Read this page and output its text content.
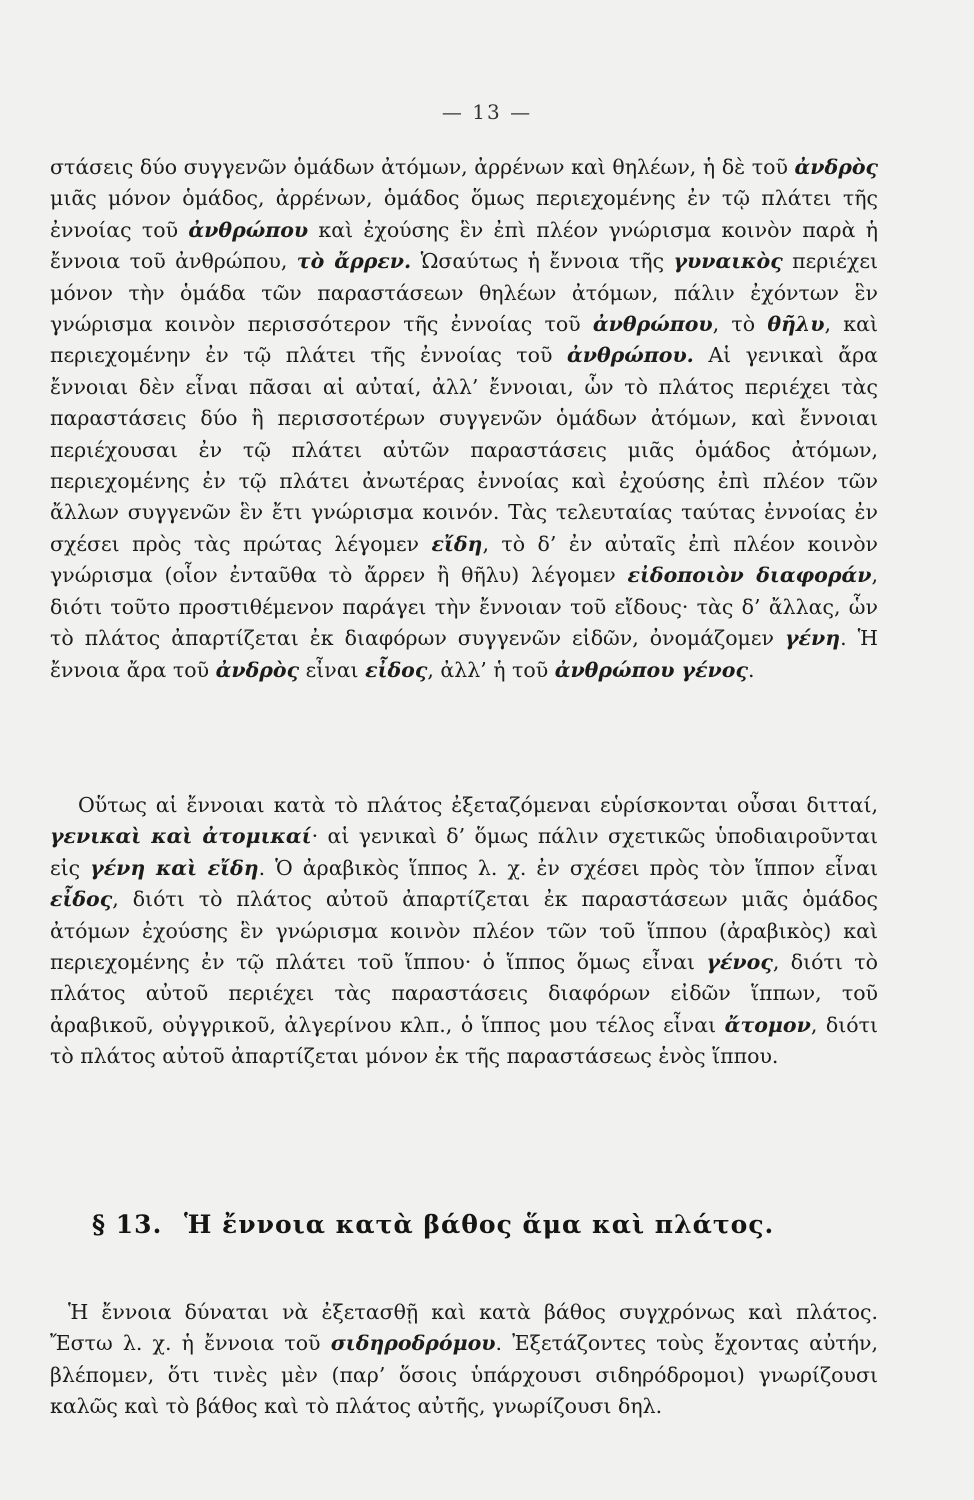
— 13 —

στάσεις δύο συγγενῶν ὁμάδων ἀτόμων, ἀρρένων καὶ θηλέων, ἡ δὲ τοῦ ἀνδρὸς μιᾶς μόνον ὁμάδος, ἀρρένων, ὁμάδος ὅμως περιεχομένης ἐν τῷ πλάτει τῆς ἐννοίας τοῦ ἀνθρώπου καὶ ἐχούσης ἓν ἐπὶ πλέον γνώρισμα κοινὸν παρὰ ἡ ἔννοια τοῦ ἀνθρώπου, τὸ ἄρρεν. Ὡσαύτως ἡ ἔννοια τῆς γυναικὸς περιέχει μόνον τὴν ὁμάδα τῶν παραστάσεων θηλέων ἀτόμων, πάλιν ἐχόντων ἓν γνώρισμα κοινὸν περισσότερον τῆς ἐννοίας τοῦ ἀνθρώπου, τὸ θῆλυ, καὶ περιεχομένην ἐν τῷ πλάτει τῆς ἐννοίας τοῦ ἀνθρώπου. Αἱ γενικαὶ ἄρα ἔννοιαι δὲν εἶναι πᾶσαι αἱ αὐταί, ἀλλ’ ἔννοιαι, ὧν τὸ πλάτος περιέχει τὰς παραστάσεις δύο ἢ περισσοτέρων συγγενῶν ὁμάδων ἀτόμων, καὶ ἔννοιαι περιέχουσαι ἐν τῷ πλάτει αὐτῶν παραστάσεις μιᾶς ὁμάδος ἀτόμων, περιεχομένης ἐν τῷ πλάτει ἀνωτέρας ἐννοίας καὶ ἐχούσης ἐπὶ πλέον τῶν ἄλλων συγγενῶν ἓν ἔτι γνώρισμα κοινόν. Τὰς τελευταίας ταύτας ἐννοίας ἐν σχέσει πρὸς τὰς πρώτας λέγομεν εἴδη, τὸ δ’ ἐν αὐταῖς ἐπὶ πλέον κοινὸν γνώρισμα (οἷον ἐνταῦθα τὸ ἄρρεν ἢ θῆλυ) λέγομεν εἰδοποιὸν διαφοράν, διότι τοῦτο προστιθέμενον παράγει τὴν ἔννοιαν τοῦ εἴδους· τὰς δ’ ἄλλας, ὧν τὸ πλάτος ἀπαρτίζεται ἐκ διαφόρων συγγενῶν εἰδῶν, ὀνομάζομεν γένη. Ἡ ἔννοια ἄρα τοῦ ἀνδρὸς εἶναι εἶδος, ἀλλ’ ἡ τοῦ ἀνθρώπου γένος.

Οὕτως αἱ ἔννοιαι κατὰ τὸ πλάτος ἐξεταζόμεναι εὑρίσκονται οὖσαι διτταί, γενικαὶ καὶ ἀτομικαί· αἱ γενικαὶ δ’ ὅμως πάλιν σχετικῶς ὑποδιαιροῦνται εἰς γένη καὶ εἴδη. Ὁ ἀραβικὸς ἵππος λ. χ. ἐν σχέσει πρὸς τὸν ἵππον εἶναι εἶδος, διότι τὸ πλάτος αὐτοῦ ἀπαρτίζεται ἐκ παραστάσεων μιᾶς ὁμάδος ἀτόμων ἐχούσης ἓν γνώρισμα κοινὸν πλέον τῶν τοῦ ἵππου (ἀραβικὸς) καὶ περιεχομένης ἐν τῷ πλάτει τοῦ ἵππου· ὁ ἵππος ὅμως εἶναι γένος, διότι τὸ πλάτος αὐτοῦ περιέχει τὰς παραστάσεις διαφόρων εἰδῶν ἵππων, τοῦ ἀραβικοῦ, οὐγγρικοῦ, ἀλγερίνου κλπ., ὁ ἵππος μου τέλος εἶναι ἄτομον, διότι τὸ πλάτος αὐτοῦ ἀπαρτίζεται μόνον ἐκ τῆς παραστάσεως ἑνὸς ἵππου.

§ 13. Ἡ ἔννοια κατὰ βάθος ἅμα καὶ πλάτος.

Ἡ ἔννοια δύναται νὰ ἐξετασθῇ καὶ κατὰ βάθος συγχρόνως καὶ πλάτος. Ἔστω λ. χ. ἡ ἔννοια τοῦ σιδηροδρόμου. Ἐξετάζοντες τοὺς ἔχοντας αὐτήν, βλέπομεν, ὅτι τινὲς μὲν (παρ’ ὅσοις ὑπάρχουσι σιδηρόδρομοι) γνωρίζουσι καλῶς καὶ τὸ βάθος καὶ τὸ πλάτος αὐτῆς, γνωρίζουσι δηλ.
